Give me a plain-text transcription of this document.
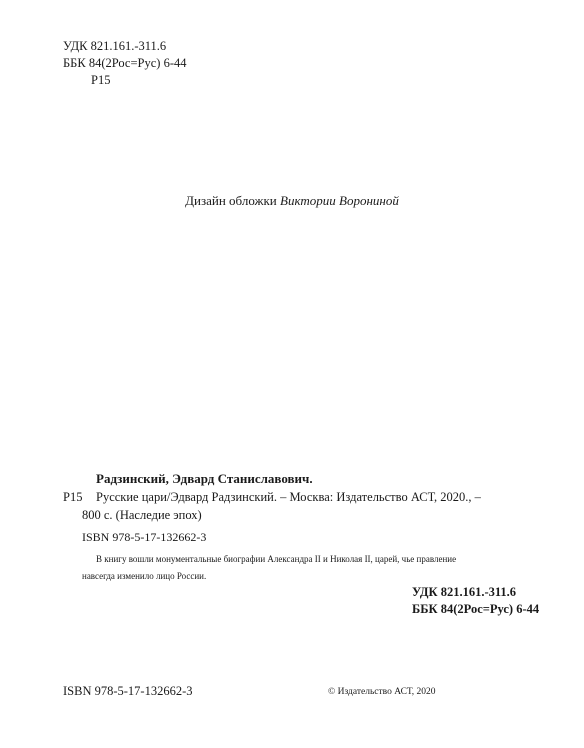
УДК 821.161.-311.6
ББК 84(2Рос=Рус) 6-44
Р15
Дизайн обложки Виктории Ворониной
Радзинский, Эдвард Станиславович.
Р15 Русские цари/Эдвард Радзинский. – Москва: Издательство АСТ, 2020., –
800 с. (Наследие эпох)
ISBN 978-5-17-132662-3
В книгу вошли монументальные биографии Александра II и Николая II, царей, чье правление
навсегда изменило лицо России.
УДК 821.161.-311.6
ББК 84(2Рос=Рус) 6-44
ISBN 978-5-17-132662-3	© Издательство АСТ, 2020
